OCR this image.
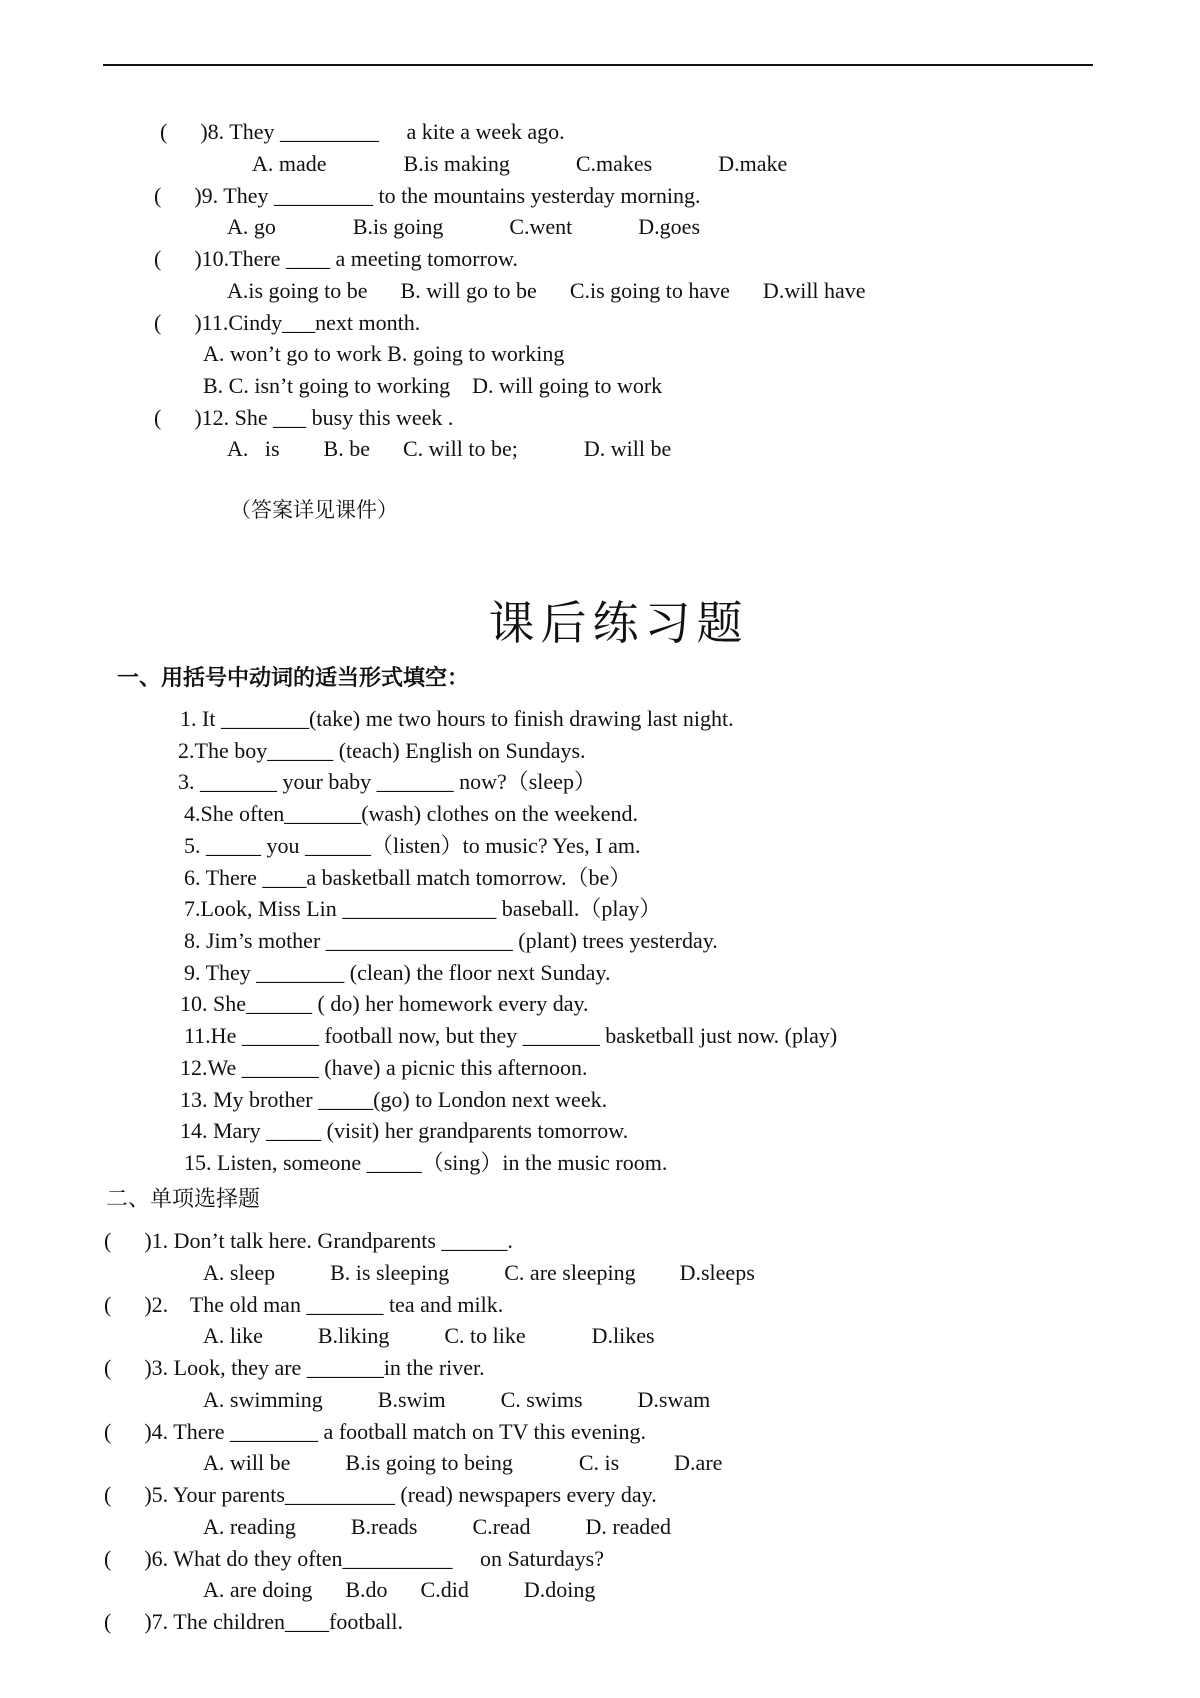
(      )8. They _________     a kite a week ago.
A. made              B.is making            C.makes            D.make
(      )9. They _________ to the mountains yesterday morning.
A. go              B.is going            C.went            D.goes
(      )10.There ____ a meeting tomorrow.
A.is going to be      B. will go to be      C.is going to have      D.will have
(      )11.Cindy___next month.
A. won’t go to work B. going to working
B. C. isn’t going to working    D. will going to work
(      )12. She ___ busy this week .
A.   is        B. be      C. will to be;            D. will be
（答案详见课件）
课后练习题
一、用括号中动词的适当形式填空：
1. It ________(take) me two hours to finish drawing last night.
2.The boy______ (teach) English on Sundays.
3. _______ your baby _______ now?（sleep）
4.She often_______(wash) clothes on the weekend.
5. _____ you ______（listen）to music? Yes, I am.
6. There ____a basketball match tomorrow.（be）
7.Look, Miss Lin ______________ baseball.（play）
8. Jim’s mother _________________ (plant) trees yesterday.
9. They ________ (clean) the floor next Sunday.
10. She______ ( do) her homework every day.
11.He _______ football now, but they _______ basketball just now. (play)
12.We _______ (have) a picnic this afternoon.
13. My brother _____(go) to London next week.
14. Mary _____ (visit) her grandparents tomorrow.
15. Listen, someone _____（sing）in the music room.
二、单项选择题
(      )1. Don’t talk here. Grandparents ______.
A. sleep          B. is sleeping          C. are sleeping        D.sleeps
(      )2.    The old man _______ tea and milk.
A. like          B.liking          C. to like            D.likes
(      )3. Look, they are _______in the river.
A. swimming          B.swim          C. swims          D.swam
(      )4. There ________ a football match on TV this evening.
A. will be          B.is going to being            C. is          D.are
(      )5. Your parents__________ (read) newspapers every day.
A. reading          B.reads          C.read          D. readed
(      )6. What do they often__________     on Saturdays?
A. are doing      B.do      C.did          D.doing
(      )7. The children____football.
